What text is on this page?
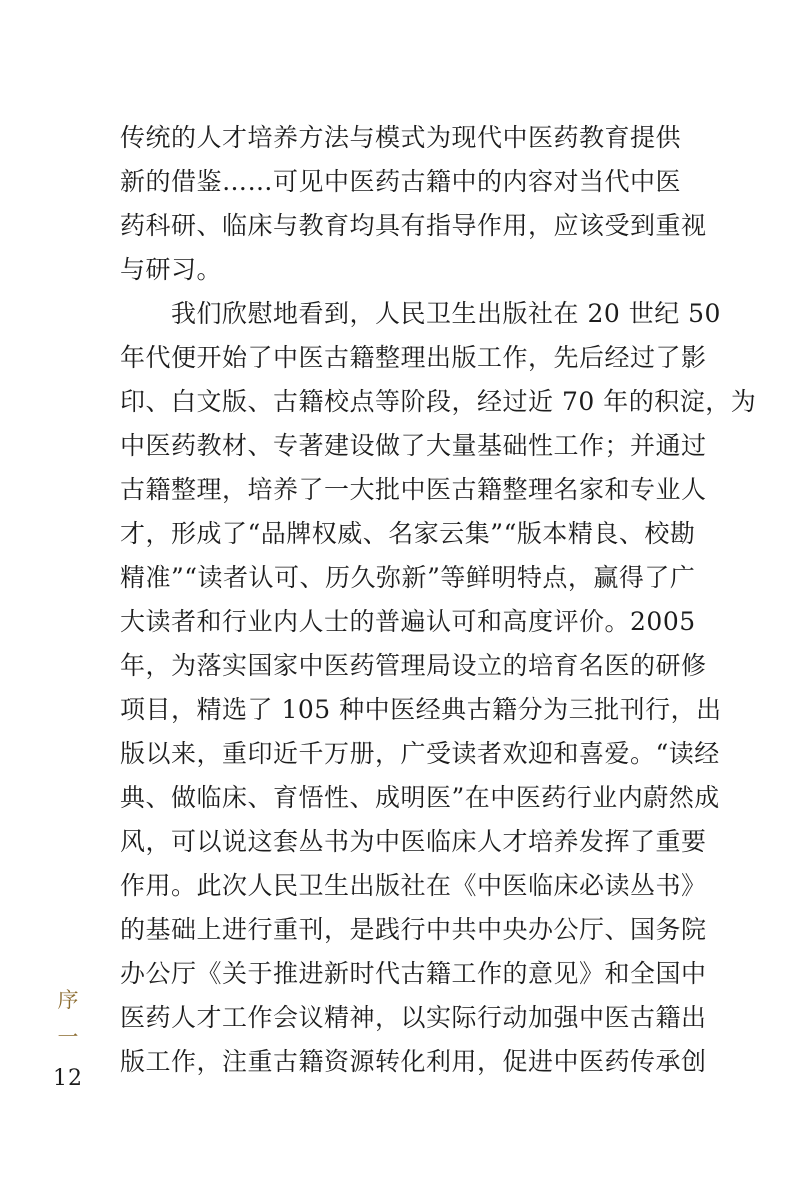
传统的人才培养方法与模式为现代中医药教育提供
新的借鉴……可见中医药古籍中的内容对当代中医
药科研、临床与教育均具有指导作用，应该受到重视
与研习。
　　我们欣慰地看到，人民卫生出版社在 20 世纪 50
年代便开始了中医古籍整理出版工作，先后经过了影
印、白文版、古籍校点等阶段，经过近 70 年的积淀，为
中医药教材、专著建设做了大量基础性工作；并通过
古籍整理，培养了一大批中医古籍整理名家和专业人
才，形成了“品牌权威、名家云集”“版本精良、校勘
精准”“读者认可、历久弥新”等鲜明特点，赢得了广
大读者和行业内人士的普遍认可和高度评价。2005
年，为落实国家中医药管理局设立的培育名医的研修
项目，精选了 105 种中医经典古籍分为三批刊行，出
版以来，重印近千万册，广受读者欢迎和喜爱。“读经
典、做临床、育悟性、成明医”在中医药行业内蔚然成
风，可以说这套丛书为中医临床人才培养发挥了重要
作用。此次人民卫生出版社在《中医临床必读丛书》
的基础上进行重刊，是践行中共中央办公厅、国务院
办公厅《关于推进新时代古籍工作的意见》和全国中
医药人才工作会议精神，以实际行动加强中医古籍出
版工作，注重古籍资源转化利用，促进中医药传承创
序
一
12
